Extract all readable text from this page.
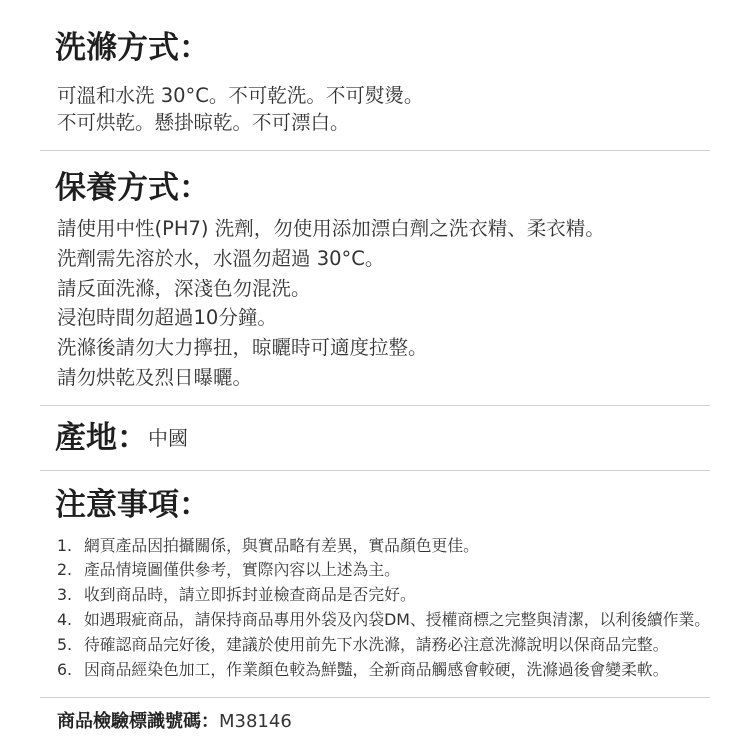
洗滌方式：
可溫和水洗 30°C。不可乾洗。不可熨燙。
不可烘乾。懸掛晾乾。不可漂白。
保養方式：
請使用中性(PH7) 洗劑，勿使用添加漂白劑之洗衣精、柔衣精。
洗劑需先溶於水，水溫勿超過 30°C。
請反面洗滌，深淺色勿混洗。
浸泡時間勿超過10分鐘。
洗滌後請勿大力擰扭，晾曬時可適度拉整。
請勿烘乾及烈日曝曬。
產地： 中國
注意事項：
1. 網頁產品因拍攝關係，與實品略有差異，實品顏色更佳。
2. 產品情境圖僅供參考，實際內容以上述為主。
3. 收到商品時，請立即拆封並檢查商品是否完好。
4. 如遇瑕疵商品，請保持商品專用外袋及內袋DM、授權商標之完整與清潔，以利後續作業。
5. 待確認商品完好後，建議於使用前先下水洗滌，請務必注意洗滌說明以保商品完整。
6. 因商品經染色加工，作業顏色較為鮮豔，全新商品觸感會較硬，洗滌過後會變柔軟。
商品檢驗標識號碼：M38146
